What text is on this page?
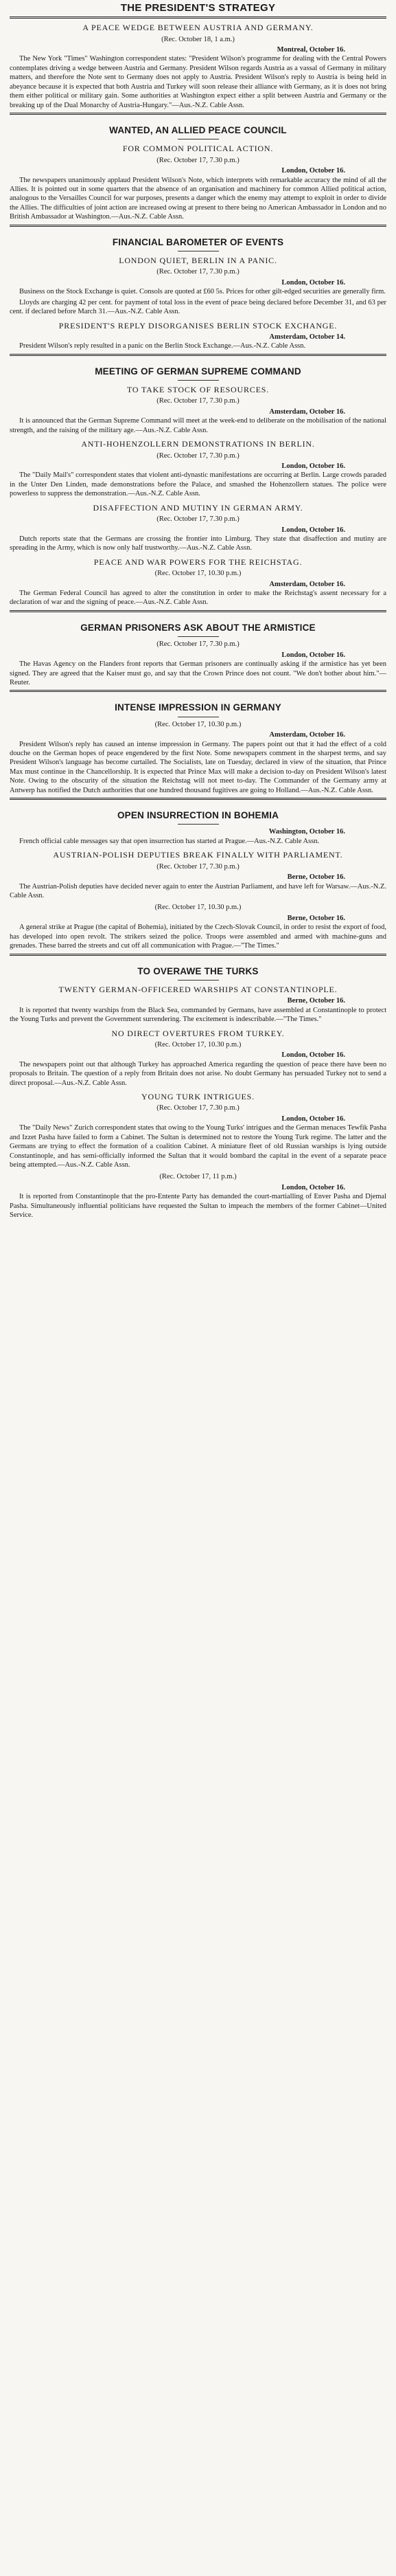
THE PRESIDENT'S STRATEGY
A PEACE WEDGE BETWEEN AUSTRIA AND GERMANY.
(Rec. October 18, 1 a.m.)
Montreal, October 16.

The New York "Times" Washington correspondent states: "President Wilson's programme for dealing with the Central Powers contemplates driving a wedge between Austria and Germany. President Wilson regards Austria as a vassal of Germany in military matters, and therefore the Note sent to Germany does not apply to Austria. President Wilson's reply to Austria is being held in abeyance because it is expected that both Austria and Turkey will soon release their alliance with Germany, as it is does not bring them either political or military gain. Some authorities at Washington expect either a split between Austria and Germany or the breaking up of the Dual Monarchy of Austria-Hungary."—Aus.-N.Z. Cable Assn.

WANTED, AN ALLIED PEACE COUNCIL
FOR COMMON POLITICAL ACTION.
(Rec. October 17, 7.30 p.m.)
London, October 16.

The newspapers unanimously applaud President Wilson's Note, which interprets with remarkable accuracy the mind of all the Allies. It is pointed out in some quarters that the absence of an organisation and machinery for common Allied political action, analogous to the Versailles Council for war purposes, presents a danger which the enemy may attempt to exploit in order to divide the Allies. The difficulties of joint action are increased owing at present to there being no American Ambassador in London and no British Ambassador at Washington.—Aus.-N.Z. Cable Assn.

FINANCIAL BAROMETER OF EVENTS
LONDON QUIET, BERLIN IN A PANIC.
(Rec. October 17, 7.30 p.m.)
London, October 16.

Business on the Stock Exchange is quiet. Consols are quoted at £60 5s. Prices for other gilt-edged securities are generally firm.

Lloyds are charging 42 per cent. for payment of total loss in the event of peace being declared before December 31, and 63 per cent. if declared before March 31.—Aus.-N.Z. Cable Assn.

PRESIDENT'S REPLY DISORGANISES BERLIN STOCK EXCHANGE.
Amsterdam, October 14.

President Wilson's reply resulted in a panic on the Berlin Stock Exchange.—Aus.-N.Z. Cable Assn.

MEETING OF GERMAN SUPREME COMMAND
TO TAKE STOCK OF RESOURCES.
(Rec. October 17, 7.30 p.m.)
Amsterdam, October 16.

It is announced that the German Supreme Command will meet at the week-end to deliberate on the mobilisation of the national strength, and the raising of the military age.—Aus.-N.Z. Cable Assn.

ANTI-HOHENZOLLERN DEMONSTRATIONS IN BERLIN.
(Rec. October 17, 7.30 p.m.)
London, October 16.

The "Daily Mail's" correspondent states that violent anti-dynastic manifestations are occurring at Berlin. Large crowds paraded in the Unter Den Linden, made demonstrations before the Palace, and smashed the Hohenzollern statues. The police were powerless to suppress the demonstration.—Aus.-N.Z. Cable Assn.

DISAFFECTION AND MUTINY IN GERMAN ARMY.
(Rec. October 17, 7.30 p.m.)
London, October 16.

Dutch reports state that the Germans are crossing the frontier into Limburg. They state that disaffection and mutiny are spreading in the Army, which is now only half trustworthy.—Aus.-N.Z. Cable Assn.

PEACE AND WAR POWERS FOR THE REICHSTAG.
(Rec. October 17, 10.30 p.m.)
Amsterdam, October 16.

The German Federal Council has agreed to alter the constitution in order to make the Reichstag's assent necessary for a declaration of war and the signing of peace.—Aus.-N.Z. Cable Assn.

GERMAN PRISONERS ASK ABOUT THE ARMISTICE
(Rec. October 17, 7.30 p.m.)
London, October 16.

The Havas Agency on the Flanders front reports that German prisoners are continually asking if the armistice has yet been signed. They are agreed that the Kaiser must go, and say that the Crown Prince does not count. "We don't bother about him."—Reuter.

INTENSE IMPRESSION IN GERMANY
(Rec. October 17, 10.30 p.m.)
Amsterdam, October 16.

President Wilson's reply has caused an intense impression in Germany. The papers point out that it had the effect of a cold douche on the German hopes of peace engendered by the first Note. Some newspapers comment in the sharpest terms, and say President Wilson's language has become curtailed. The Socialists, late on Tuesday, declared in view of the situation, that Prince Max must continue in the Chancellorship. It is expected that Prince Max will make a decision to-day on President Wilson's latest Note. Owing to the obscurity of the situation the Reichstag will not meet to-day. The Commander of the Germany army at Antwerp has notified the Dutch authorities that one hundred thousand fugitives are going to Holland.—Aus.-N.Z. Cable Assn.

OPEN INSURRECTION IN BOHEMIA
Washington, October 16.

French official cable messages say that open insurrection has started at Prague.—Aus.-N.Z. Cable Assn.

AUSTRIAN-POLISH DEPUTIES BREAK FINALLY WITH PARLIAMENT.
(Rec. October 17, 7.30 p.m.)
Berne, October 16.

The Austrian-Polish deputies have decided never again to enter the Austrian Parliament, and have left for Warsaw.—Aus.-N.Z. Cable Assn.

(Rec. October 17, 10.30 p.m.)
Berne, October 16.

A general strike at Prague (the capital of Bohemia), initiated by the Czech-Slovak Council, in order to resist the export of food, has developed into open revolt. The strikers seized the police. Troops were assembled and armed with machine-guns and grenades. These barred the streets and cut off all communication with Prague.—"The Times."

TO OVERAWE THE TURKS
TWENTY GERMAN-OFFICERED WARSHIPS AT CONSTANTINOPLE.
Berne, October 16.

It is reported that twenty warships from the Black Sea, commanded by Germans, have assembled at Constantinople to protect the Young Turks and prevent the Government surrendering. The excitement is indescribable.—"The Times."

NO DIRECT OVERTURES FROM TURKEY.
(Rec. October 17, 10.30 p.m.)
London, October 16.

The newspapers point out that although Turkey has approached America regarding the question of peace there have been no proposals to Britain. The question of a reply from Britain does not arise. No doubt Germany has persuaded Turkey not to send a direct proposal.—Aus.-N.Z. Cable Assn.

YOUNG TURK INTRIGUES.
(Rec. October 17, 7.30 p.m.)
London, October 16.

The "Daily News" Zurich correspondent states that owing to the Young Turks' intrigues and the German menaces Tewfik Pasha and Izzet Pasha have failed to form a Cabinet. The Sultan is determined not to restore the Young Turk regime. The latter and the Germans are trying to effect the formation of a coalition Cabinet. A miniature fleet of old Russian warships is lying outside Constantinople, and has semi-officially informed the Sultan that it would bombard the capital in the event of a separate peace being attempted.—Aus.-N.Z. Cable Assn.

(Rec. October 17, 11 p.m.)
London, October 16.

It is reported from Constantinople that the pro-Entente Party has demanded the court-martialling of Enver Pasha and Djemal Pasha. Simultaneously influential politicians have requested the Sultan to impeach the members of the former Cabinet—United Service.
